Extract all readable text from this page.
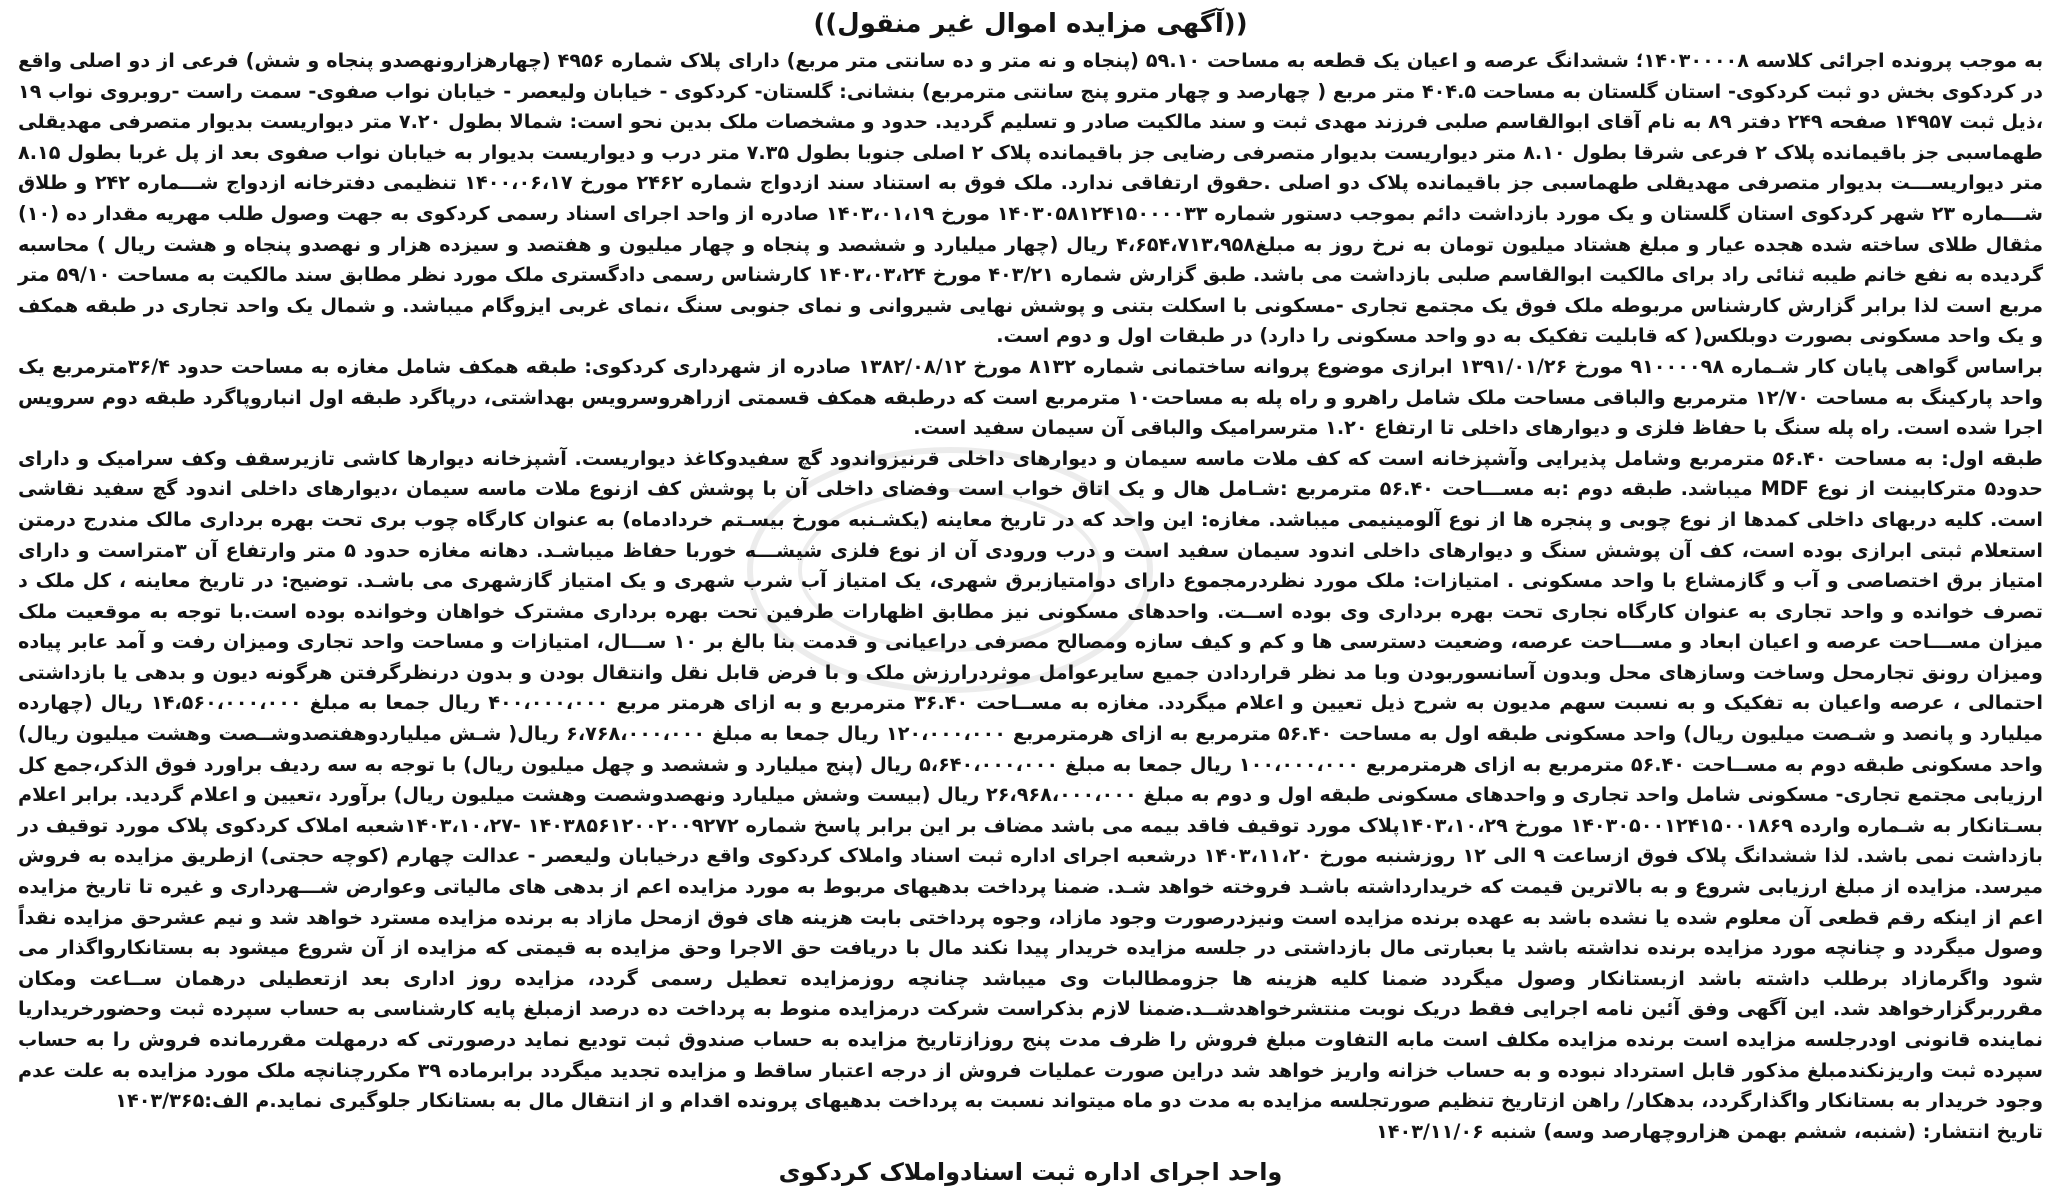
((آگهی مزایده اموال غیر منقول))
به موجب پرونده اجرائی کلاسه ۱۴۰۳۰۰۰۰۸؛ ششدانگ عرصه و اعیان یک قطعه به مساحت ۵۹.۱۰ (پنجاه و نه متر و ده سانتی متر مربع) دارای پلاک شماره ۴۹۵۶ (چهارهزارونهصدو پنجاه و شش) فرعی از دو اصلی واقع در کردکوی بخش دو ثبت کردکوی- استان گلستان به مساحت ۴۰۴.۵ متر مربع ( چهارصد و چهار مترو پنج سانتی مترمربع) بنشانی: گلستان- کردکوی - خیابان ولیعصر - خیابان نواب صفوی- سمت راست -روبروی نواب ۱۹ ،ذیل ثبت ۱۴۹۵۷ صفحه ۲۴۹ دفتر ۸۹ به نام آقای ابوالقاسم صلبی فرزند مهدی ثبت و سند مالکیت صادر و تسلیم گردید. حدود و مشخصات ملک بدین نحو است: شمالا بطول ۷.۲۰ متر دیواریست بدیوار متصرفی مهدیقلی طهماسبی جز باقیمانده پلاک ۲ فرعی شرقا بطول ۸.۱۰ متر دیواریست بدیوار متصرفی رضایی جز باقیمانده پلاک ۲ اصلی جنوبا بطول ۷.۳۵ متر درب و دیواریست بدیوار به خیابان نواب صفوی بعد از پل غربا بطول ۸.۱۵ متر دیواریســـت بدیوار متصرفی مهدیقلی طهماسبی جز باقیمانده پلاک دو اصلی .حقوق ارتفاقی ندارد. ملک فوق به استناد سند ازدواج شماره ۲۴۶۲ مورخ ۱۴۰۰،۰۶،۱۷ تنظیمی دفترخانه ازدواج شـــماره ۲۴۲ و طلاق شـــماره ۲۳ شهر کردکوی استان گلستان و یک مورد بازداشت دائم بموجب دستور شماره ۱۴۰۳۰۵۸۱۲۴۱۵۰۰۰۰۳۳ مورخ ۱۴۰۳،۰۱،۱۹ صادره از واحد اجرای اسناد رسمی کردکوی به جهت وصول طلب مهریه مقدار ده (۱۰) مثقال طلای ساخته شده هجده عیار و مبلغ هشتاد میلیون تومان به نرخ روز به مبلغ۴،۶۵۴،۷۱۳،۹۵۸ ریال (چهار میلیارد و ششصد و پنجاه و چهار میلیون و هفتصد و سیزده هزار و نهصدو پنجاه و هشت ریال ) محاسبه گردیده به نفع خانم طیبه ثنائی راد برای مالکیت ابوالقاسم صلبی بازداشت می باشد. طبق گزارش شماره ۴۰۳/۲۱ مورخ ۱۴۰۳،۰۳،۲۴ کارشناس رسمی دادگستری ملک مورد نظر مطابق سند مالکیت به مساحت ۵۹/۱۰ متر مربع است لذا برابر گزارش کارشناس مربوطه ملک فوق یک مجتمع تجاری -مسکونی با اسکلت بتنی و پوشش نهایی شیروانی و نمای جنوبی سنگ ،نمای غربی ایزوگام میباشد. و شمال یک واحد تجاری در طبقه همکف و یک واحد مسکونی بصورت دوبلکس( که قابلیت تفکیک به دو واحد مسکونی را دارد) در طبقات اول و دوم است.
براساس گواهی پایان کار شـماره ۹۱۰۰۰۰۹۸ مورخ ۱۳۹۱/۰۱/۲۶ ابرازی موضوع پروانه ساختمانی شماره ۸۱۳۲ مورخ ۱۳۸۲/۰۸/۱۲ صادره از شهرداری کردکوی: طبقه همکف شامل مغازه به مساحت حدود ۳۶/۴مترمربع یک واحد پارکینگ به مساحت ۱۲/۷۰ مترمربع والباقی مساحت ملک شامل راهرو و راه پله به مساحت۱۰ مترمربع است که درطبقه همکف قسمتی ازراهروسرویس بهداشتی، درپاگرد طبقه اول انباروپاگرد طبقه دوم سرویس اجرا شده است. راه پله سنگ با حفاظ فلزی و دیوارهای داخلی تا ارتفاع ۱.۲۰ مترسرامیک والباقی آن سیمان سفید است.
طبقه اول: به مساحت ۵۶.۴۰ مترمربع وشامل پذیرایی وآشپزخانه است که کف ملات ماسه سیمان و دیوارهای داخلی قرنیزواندود گچ سفیدوکاغذ دیواریست. آشپزخانه دیوارها کاشی تازیرسقف وکف سرامیک و دارای حدود۵ مترکابینت از نوع MDF میباشد. طبقه دوم :به مســـاحت ۵۶.۴۰ مترمربع :شـامل هال و یک اتاق خواب است وفضای داخلی آن با پوشش کف ازنوع ملات ماسه سیمان ،دیوارهای داخلی اندود گچ سفید نقاشی است. کلیه دربهای داخلی کمدها از نوع چوبی و پنجره ها از نوع آلومینیمی میباشد. مغازه: این واحد که در تاریخ معاینه (یکشـنبه مورخ بیسـتم خردادماه) به عنوان کارگاه چوب بری تحت بهره برداری مالک مندرج درمتن استعلام ثبتی ابرازی بوده است، کف آن پوشش سنگ و دیوارهای داخلی اندود سیمان سفید است و درب ورودی آن از نوع فلزی شیشـــه خوربا حفاظ میباشـد. دهانه مغازه حدود ۵ متر وارتفاع آن ۳متراست و دارای امتیاز برق اختصاصی و آب و گازمشاع با واحد مسکونی . امتیازات: ملک مورد نظردرمجموع دارای دوامتیازبرق شهری، یک امتیاز آب شرب شهری و یک امتیاز گازشهری می باشـد. توضیح: در تاریخ معاینه ، کل ملک د تصرف خوانده و واحد تجاری به عنوان کارگاه نجاری تحت بهره برداری وی بوده اســت. واحدهای مسکونی نیز مطابق اظهارات طرفین تحت بهره برداری مشترک خواهان وخوانده بوده است.با توجه به موقعیت ملک میزان مســـاحت عرصه و اعیان ابعاد و مســـاحت عرصه، وضعیت دسترسی ها و کم و کیف سازه ومصالح مصرفی دراعیانی و قدمت بنا بالغ بر ۱۰ ســـال، امتیازات و مساحت واحد تجاری ومیزان رفت و آمد عابر پیاده ومیزان رونق تجارمحل وساخت وسازهای محل وبدون آسانسوربودن وبا مد نظر قراردادن جمیع سایرعوامل موثردرارزش ملک و با فرض قابل نقل وانتقال بودن و بدون درنظرگرفتن هرگونه دیون و بدهی یا بازداشتی احتمالی ، عرصه واعیان به تفکیک و به نسبت سهم مدیون به شرح ذیل تعیین و اعلام میگردد. مغازه به مســاحت ۳۶.۴۰ مترمربع و به ازای هرمتر مربع ۴۰۰،۰۰۰،۰۰۰ ریال جمعا به مبلغ ۱۴،۵۶۰،۰۰۰،۰۰۰ ریال (چهارده میلیارد و پانصد و شـصت میلیون ریال) واحد مسکونی طبقه اول به مساحت ۵۶.۴۰ مترمربع به ازای هرمترمربع ۱۲۰،۰۰۰،۰۰۰ ریال جمعا به مبلغ ۶،۷۶۸،۰۰۰،۰۰۰ ریال( شـش میلیاردوهفتصدوشــصت وهشت میلیون ریال) واحد مسکونی طبقه دوم به مســاحت ۵۶.۴۰ مترمربع به ازای هرمترمربع ۱۰۰،۰۰۰،۰۰۰ ریال جمعا به مبلغ ۵،۶۴۰،۰۰۰،۰۰۰ ریال (پنج میلیارد و ششصد و چهل میلیون ریال) با توجه به سه ردیف براورد فوق الذکر،جمع کل ارزیابی مجتمع تجاری- مسکونی شامل واحد تجاری و واحدهای مسکونی طبقه اول و دوم به مبلغ ۲۶،۹۶۸،۰۰۰،۰۰۰ ریال (بیست وشش میلیارد ونهصدوشصت وهشت میلیون ریال) برآورد ،تعیین و اعلام گردید. برابر اعلام بسـتانکار به شـماره وارده ۱۴۰۳۰۵۰۰۱۲۴۱۵۰۰۱۸۶۹ مورخ ۱۴۰۳،۱۰،۲۹پلاک مورد توقیف فاقد بیمه می باشد مضاف بر این برابر پاسخ شماره ۱۴۰۳۸۵۶۱۲۰۰۲۰۰۹۲۷۲ -۱۴۰۳،۱۰،۲۷شعبه املاک کردکوی پلاک مورد توقیف در بازداشت نمی باشد. لذا ششدانگ پلاک فوق ازساعت ۹ الی ۱۲ روزشنبه مورخ ۱۴۰۳،۱۱،۲۰ درشعبه اجرای اداره ثبت اسناد واملاک کردکوی واقع درخیابان ولیعصر - عدالت چهارم (کوچه حجتی) ازطریق مزایده به فروش میرسد. مزایده از مبلغ ارزیابی شروع و به بالاترین قیمت که خریدارداشته باشـد فروخته خواهد شـد. ضمنا پرداخت بدهیهای مربوط به مورد مزایده اعم از بدهی های مالیاتی وعوارض شـــهرداری و غیره تا تاریخ مزایده اعم از اینکه رقم قطعی آن معلوم شده یا نشده باشد به عهده برنده مزایده است ونیزدرصورت وجود مازاد، وجوه پرداختی بابت هزینه های فوق ازمحل مازاد به برنده مزایده مسترد خواهد شد و نیم عشرحق مزایده نقداً وصول میگردد و چنانچه مورد مزایده برنده نداشته باشد یا بعبارتی مال بازداشتی در جلسه مزایده خریدار پیدا نکند مال با دریافت حق الاجرا وحق مزایده به قیمتی که مزایده از آن شروع میشود به بستانکارواگذار می شود واگرمازاد برطلب داشته باشد ازبستانکار وصول میگردد ضمنا کلیه هزینه ها جزومطالبات وی میباشد چنانچه روزمزایده تعطیل رسمی گردد، مزایده روز اداری بعد ازتعطیلی درهمان ســاعت ومکان مقرربرگزارخواهد شد. این آگهی وفق آئین نامه اجرایی فقط دریک نوبت منتشرخواهدشــد.ضمنا لازم بذکراست شرکت درمزایده منوط به پرداخت ده درصد ازمبلغ پایه کارشناسی به حساب سپرده ثبت وحضورخریداریا نماینده قانونی اودرجلسه مزایده است برنده مزایده مکلف است مابه التفاوت مبلغ فروش را ظرف مدت پنج روزازتاریخ مزایده به حساب صندوق ثبت تودیع نماید درصورتی که درمهلت مقررمانده فروش را به حساب سپرده ثبت واریزنکندمبلغ مذکور قابل استرداد نبوده و به حساب خزانه واریز خواهد شد دراین صورت عملیات فروش از درجه اعتبار ساقط و مزایده تجدید میگردد برابرماده ۳۹ مکررچنانچه ملک مورد مزایده به علت عدم وجود خریدار به بستانکار واگذارگردد، بدهکار/ راهن ازتاریخ تنظیم صورتجلسه مزایده به مدت دو ماه میتواند نسبت به پرداخت بدهیهای پرونده اقدام و از انتقال مال به بستانکار جلوگیری نماید.م الف:۱۴۰۳/۳۶۵
تاریخ انتشار: (شنبه، ششم بهمن هزاروچهارصد وسه) شنبه ۱۴۰۳/۱۱/۰۶
واحد اجرای اداره ثبت اسنادواملاک کردکوی
